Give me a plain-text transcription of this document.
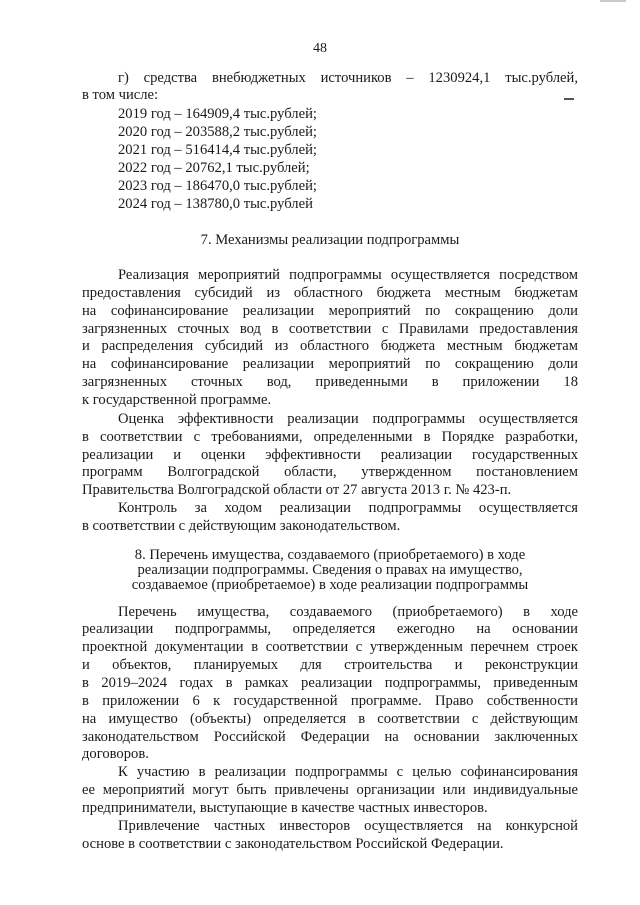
48
г) средства внебюджетных источников – 1230924,1 тыс.рублей,
в том числе:
2019 год – 164909,4 тыс.рублей;
2020 год – 203588,2 тыс.рублей;
2021 год – 516414,4 тыс.рублей;
2022 год – 20762,1 тыс.рублей;
2023 год – 186470,0 тыс.рублей;
2024 год – 138780,0 тыс.рублей
7. Механизмы реализации подпрограммы
Реализация мероприятий подпрограммы осуществляется посредством
предоставления субсидий из областного бюджета местным бюджетам
на софинансирование реализации мероприятий по сокращению доли
загрязненных сточных вод в соответствии с Правилами предоставления
и распределения субсидий из областного бюджета местным бюджетам
на софинансирование реализации мероприятий по сокращению доли
загрязненных сточных вод, приведенными в приложении 18
к государственной программе.
Оценка эффективности реализации подпрограммы осуществляется
в соответствии с требованиями, определенными в Порядке разработки,
реализации и оценки эффективности реализации государственных
программ Волгоградской области, утвержденном постановлением
Правительства Волгоградской области от 27 августа 2013 г. № 423-п.
Контроль за ходом реализации подпрограммы осуществляется
в соответствии с действующим законодательством.
8. Перечень имущества, создаваемого (приобретаемого) в ходе
реализации подпрограммы. Сведения о правах на имущество,
создаваемое (приобретаемое) в ходе реализации подпрограммы
Перечень имущества, создаваемого (приобретаемого) в ходе
реализации подпрограммы, определяется ежегодно на основании
проектной документации в соответствии с утвержденным перечнем строек
и объектов, планируемых для строительства и реконструкции
в 2019–2024 годах в рамках реализации подпрограммы, приведенным
в приложении 6 к государственной программе. Право собственности
на имущество (объекты) определяется в соответствии с действующим
законодательством Российской Федерации на основании заключенных
договоров.
К участию в реализации подпрограммы с целью софинансирования
ее мероприятий могут быть привлечены организации или индивидуальные
предприниматели, выступающие в качестве частных инвесторов.
Привлечение частных инвесторов осуществляется на конкурсной
основе в соответствии с законодательством Российской Федерации.
